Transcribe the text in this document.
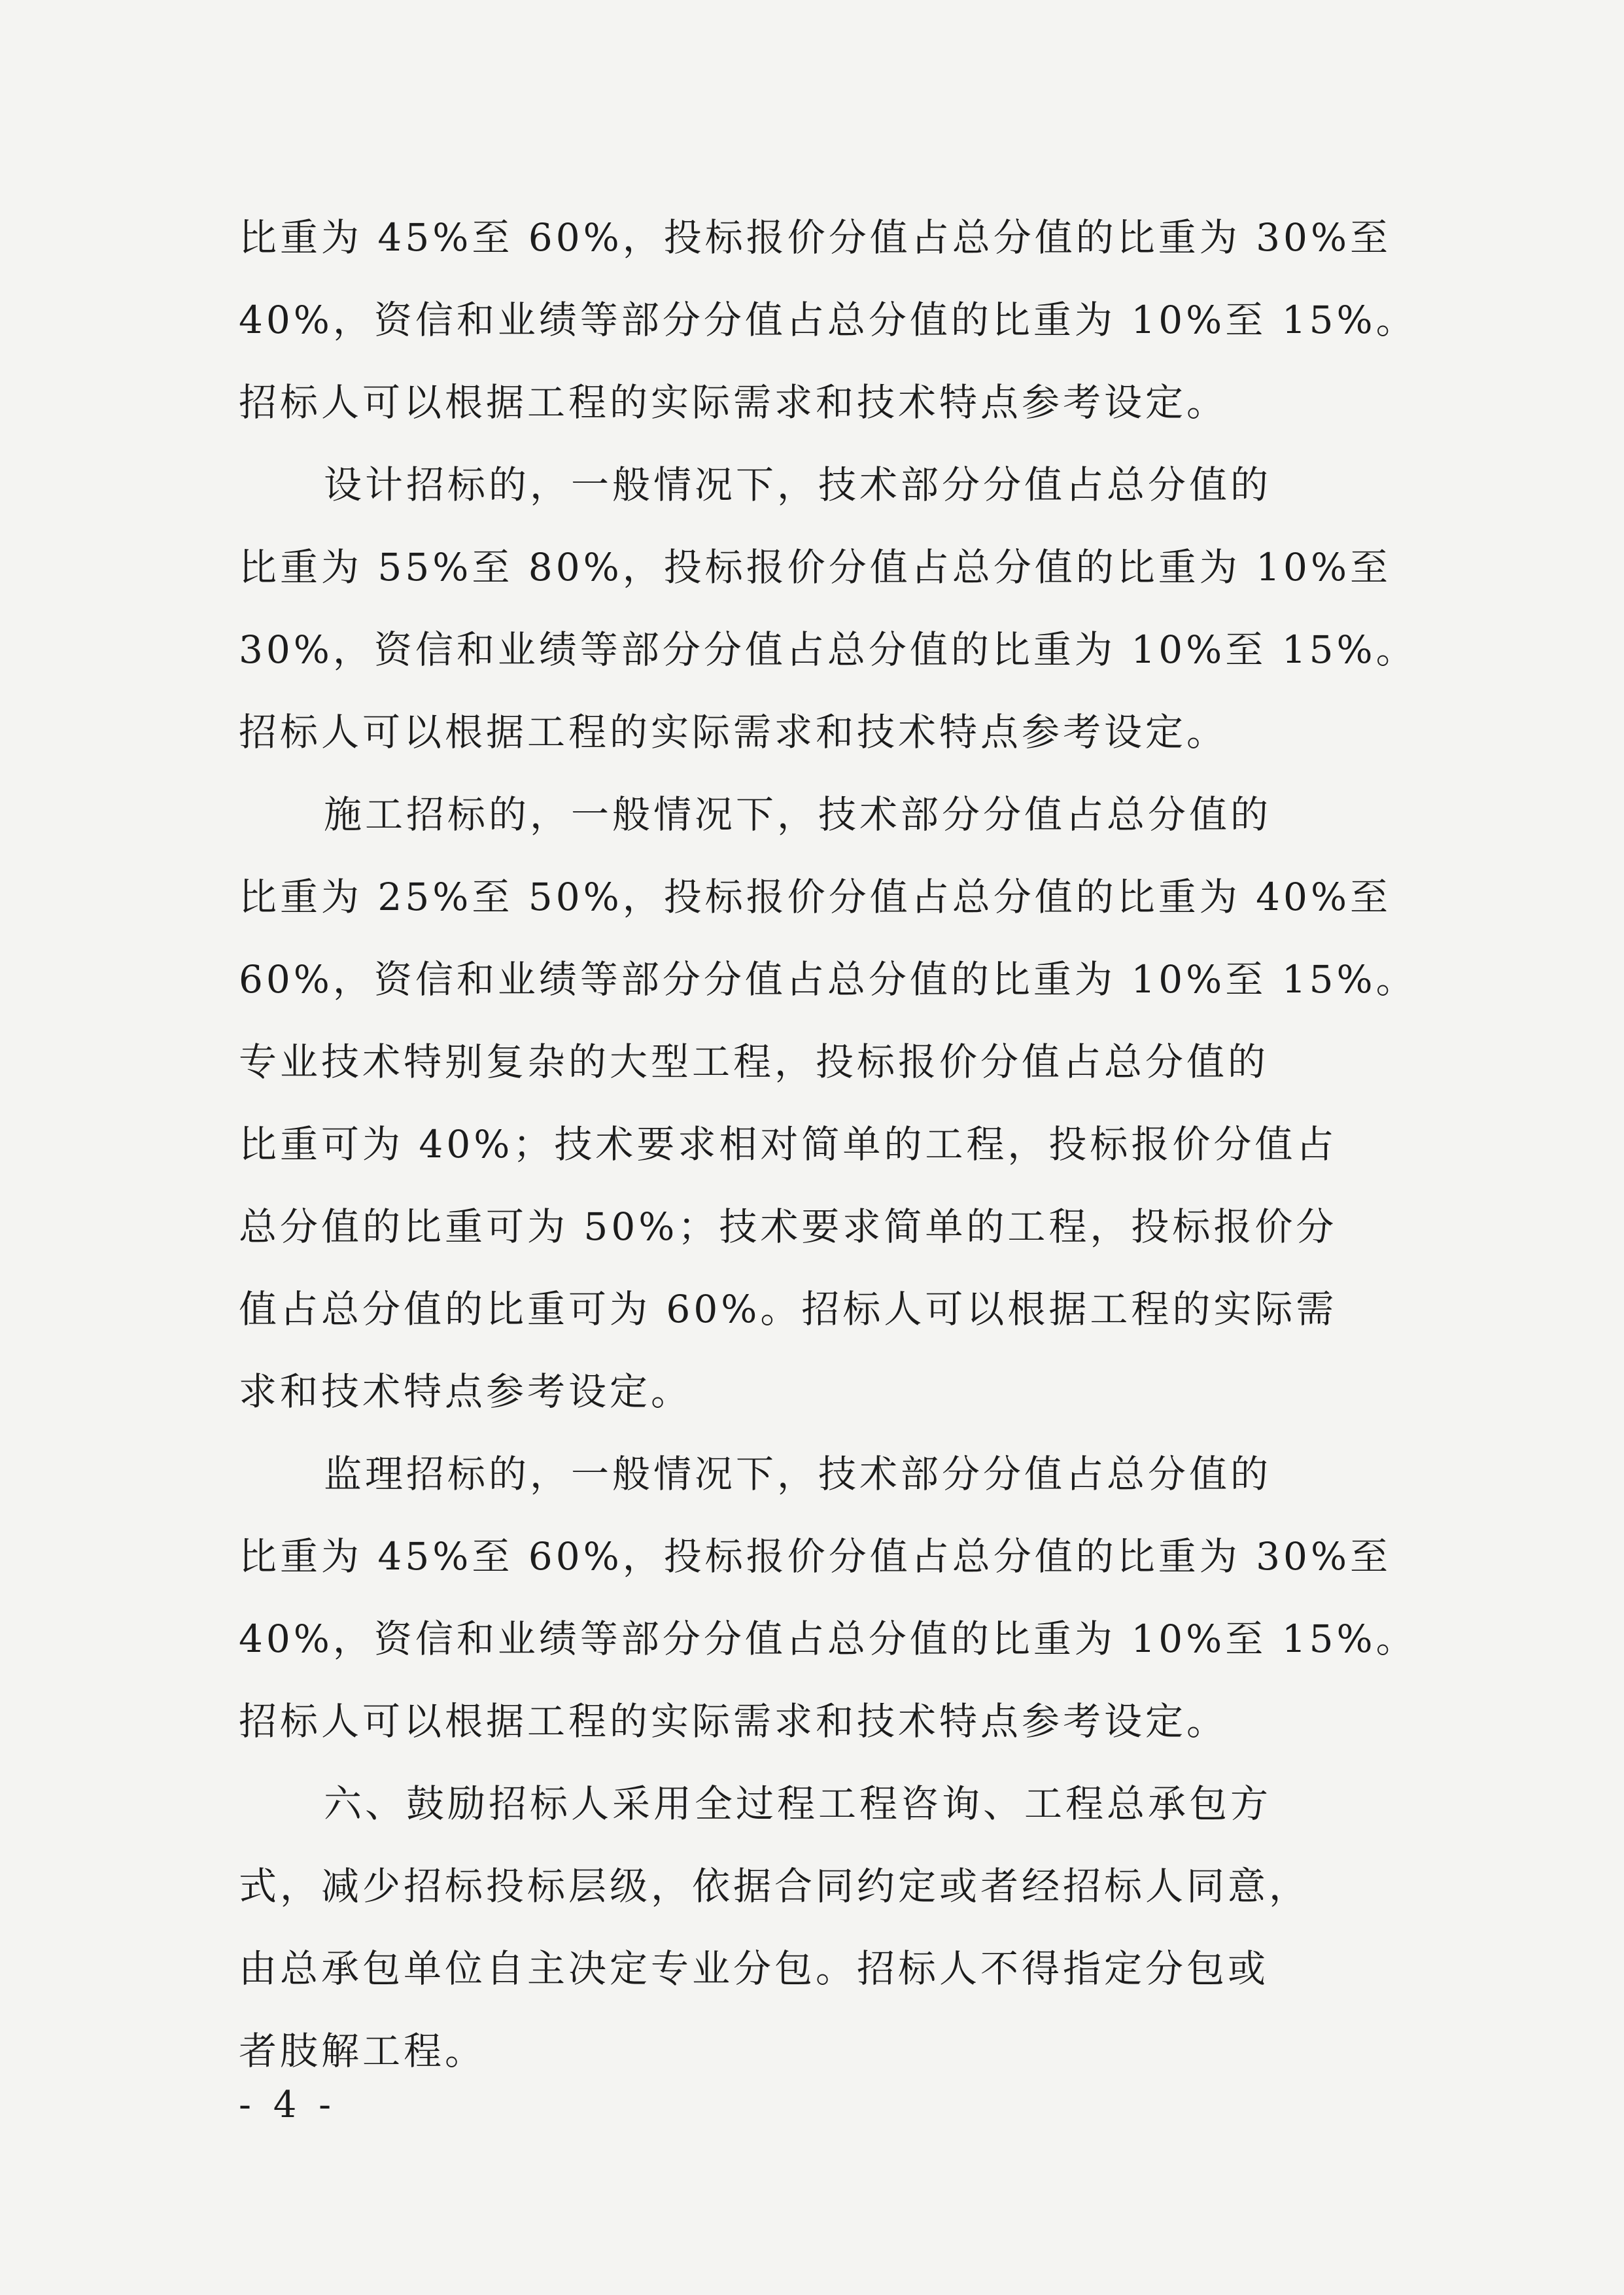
比重为 45%至 60%，投标报价分值占总分值的比重为 30%至
40%，资信和业绩等部分分值占总分值的比重为 10%至 15%。
招标人可以根据工程的实际需求和技术特点参考设定。
设计招标的，一般情况下，技术部分分值占总分值的
比重为 55%至 80%，投标报价分值占总分值的比重为 10%至
30%，资信和业绩等部分分值占总分值的比重为 10%至 15%。
招标人可以根据工程的实际需求和技术特点参考设定。
施工招标的，一般情况下，技术部分分值占总分值的
比重为 25%至 50%，投标报价分值占总分值的比重为 40%至
60%，资信和业绩等部分分值占总分值的比重为 10%至 15%。
专业技术特别复杂的大型工程，投标报价分值占总分值的
比重可为 40%；技术要求相对简单的工程，投标报价分值占
总分值的比重可为 50%；技术要求简单的工程，投标报价分
值占总分值的比重可为 60%。招标人可以根据工程的实际需
求和技术特点参考设定。
监理招标的，一般情况下，技术部分分值占总分值的
比重为 45%至 60%，投标报价分值占总分值的比重为 30%至
40%，资信和业绩等部分分值占总分值的比重为 10%至 15%。
招标人可以根据工程的实际需求和技术特点参考设定。
六、鼓励招标人采用全过程工程咨询、工程总承包方
式，减少招标投标层级，依据合同约定或者经招标人同意，
由总承包单位自主决定专业分包。招标人不得指定分包或
者肢解工程。
- 4 -
